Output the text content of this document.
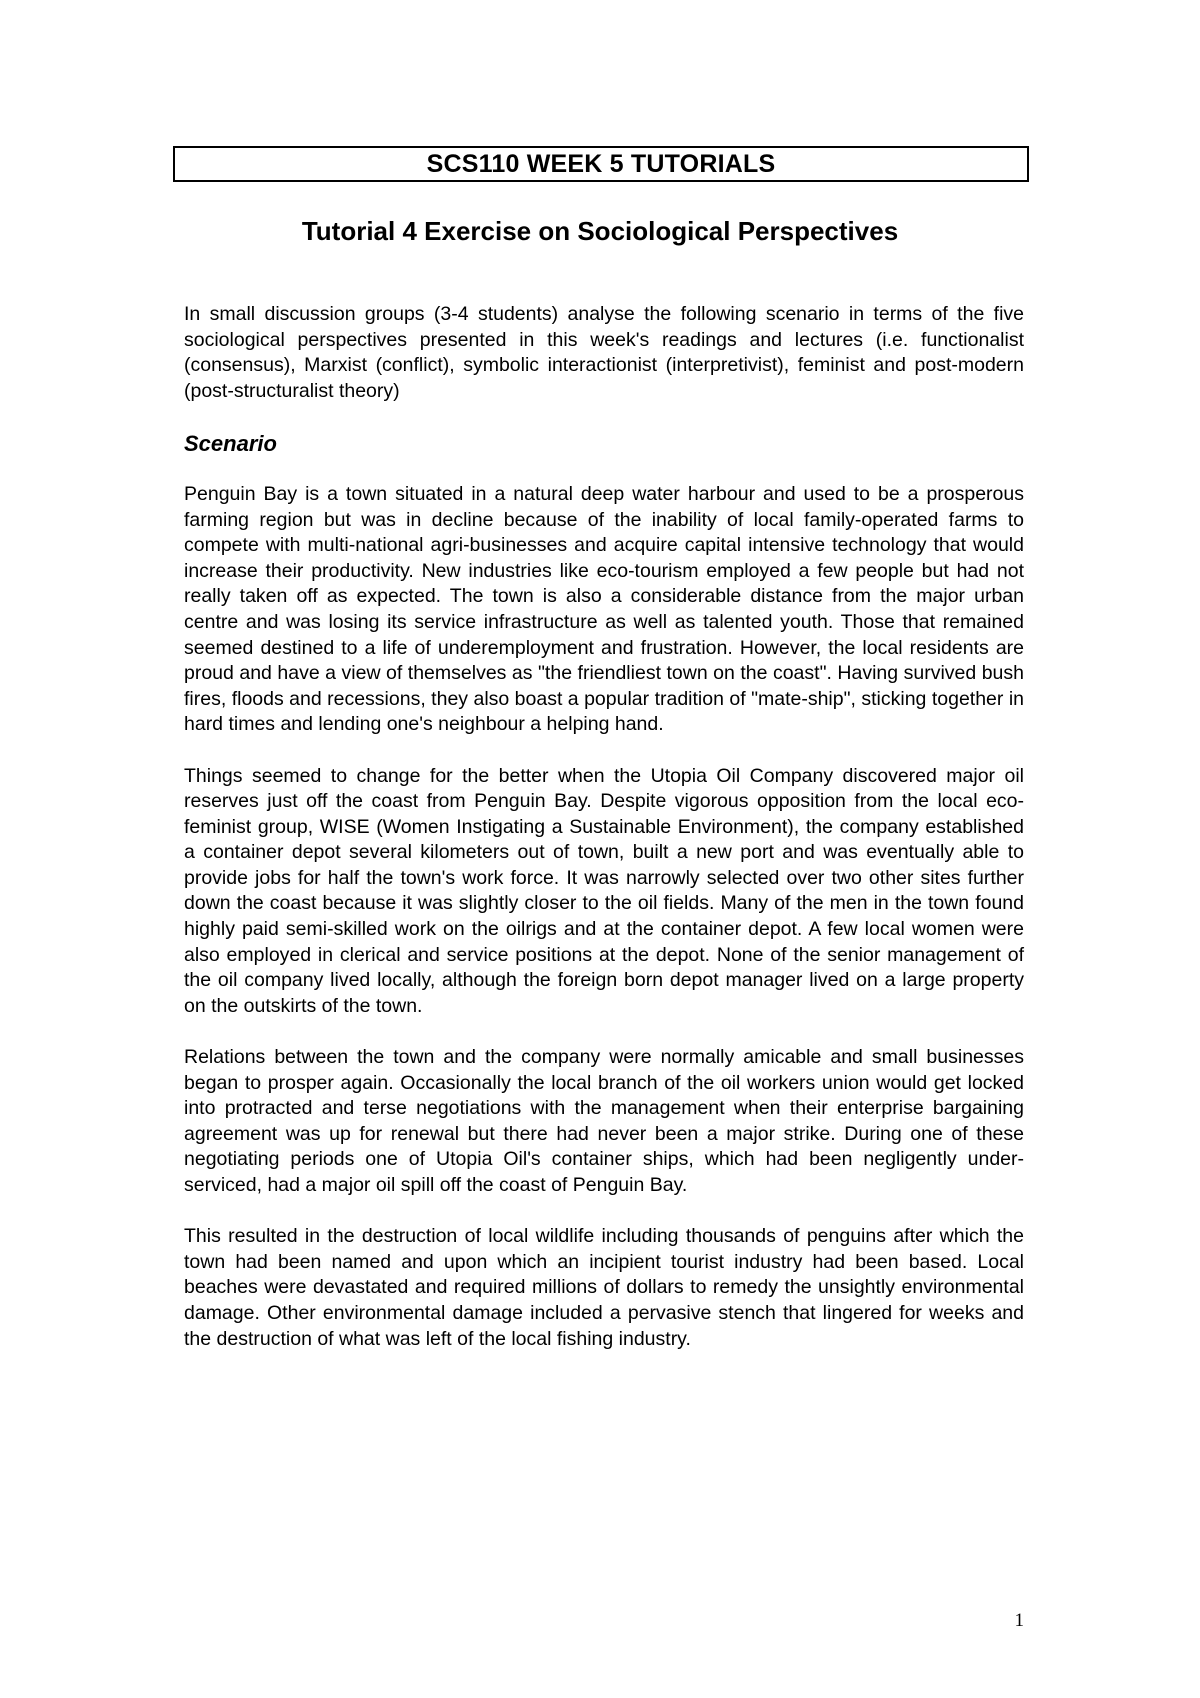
SCS110 WEEK 5 TUTORIALS
Tutorial 4 Exercise on Sociological Perspectives

In small discussion groups (3-4 students) analyse the following scenario in terms of the five sociological perspectives presented in this week's readings and lectures (i.e. functionalist (consensus), Marxist (conflict), symbolic interactionist (interpretivist), feminist and post-modern (post-structuralist theory)

Scenario

Penguin Bay is a town situated in a natural deep water harbour and used to be a prosperous farming region but was in decline because of the inability of local family-operated farms to compete with multi-national agri-businesses and acquire capital intensive technology that would increase their productivity. New industries like eco-tourism employed a few people but had not really taken off as expected. The town is also a considerable distance from the major urban centre and was losing its service infrastructure as well as talented youth. Those that remained seemed destined to a life of underemployment and frustration. However, the local residents are proud and have a view of themselves as "the friendliest town on the coast". Having survived bush fires, floods and recessions, they also boast a popular tradition of "mate-ship", sticking together in hard times and lending one's neighbour a helping hand.

Things seemed to change for the better when the Utopia Oil Company discovered major oil reserves just off the coast from Penguin Bay. Despite vigorous opposition from the local eco-feminist group, WISE (Women Instigating a Sustainable Environment), the company established a container depot several kilometers out of town, built a new port and was eventually able to provide jobs for half the town's work force. It was narrowly selected over two other sites further down the coast because it was slightly closer to the oil fields. Many of the men in the town found highly paid semi-skilled work on the oilrigs and at the container depot. A few local women were also employed in clerical and service positions at the depot. None of the senior management of the oil company lived locally, although the foreign born depot manager lived on a large property on the outskirts of the town.

Relations between the town and the company were normally amicable and small businesses began to prosper again. Occasionally the local branch of the oil workers union would get locked into protracted and terse negotiations with the management when their enterprise bargaining agreement was up for renewal but there had never been a major strike. During one of these negotiating periods one of Utopia Oil's container ships, which had been negligently under-serviced, had a major oil spill off the coast of Penguin Bay.

This resulted in the destruction of local wildlife including thousands of penguins after which the town had been named and upon which an incipient tourist industry had been based. Local beaches were devastated and required millions of dollars to remedy the unsightly environmental damage. Other environmental damage included a pervasive stench that lingered for weeks and the destruction of what was left of the local fishing industry.

1
